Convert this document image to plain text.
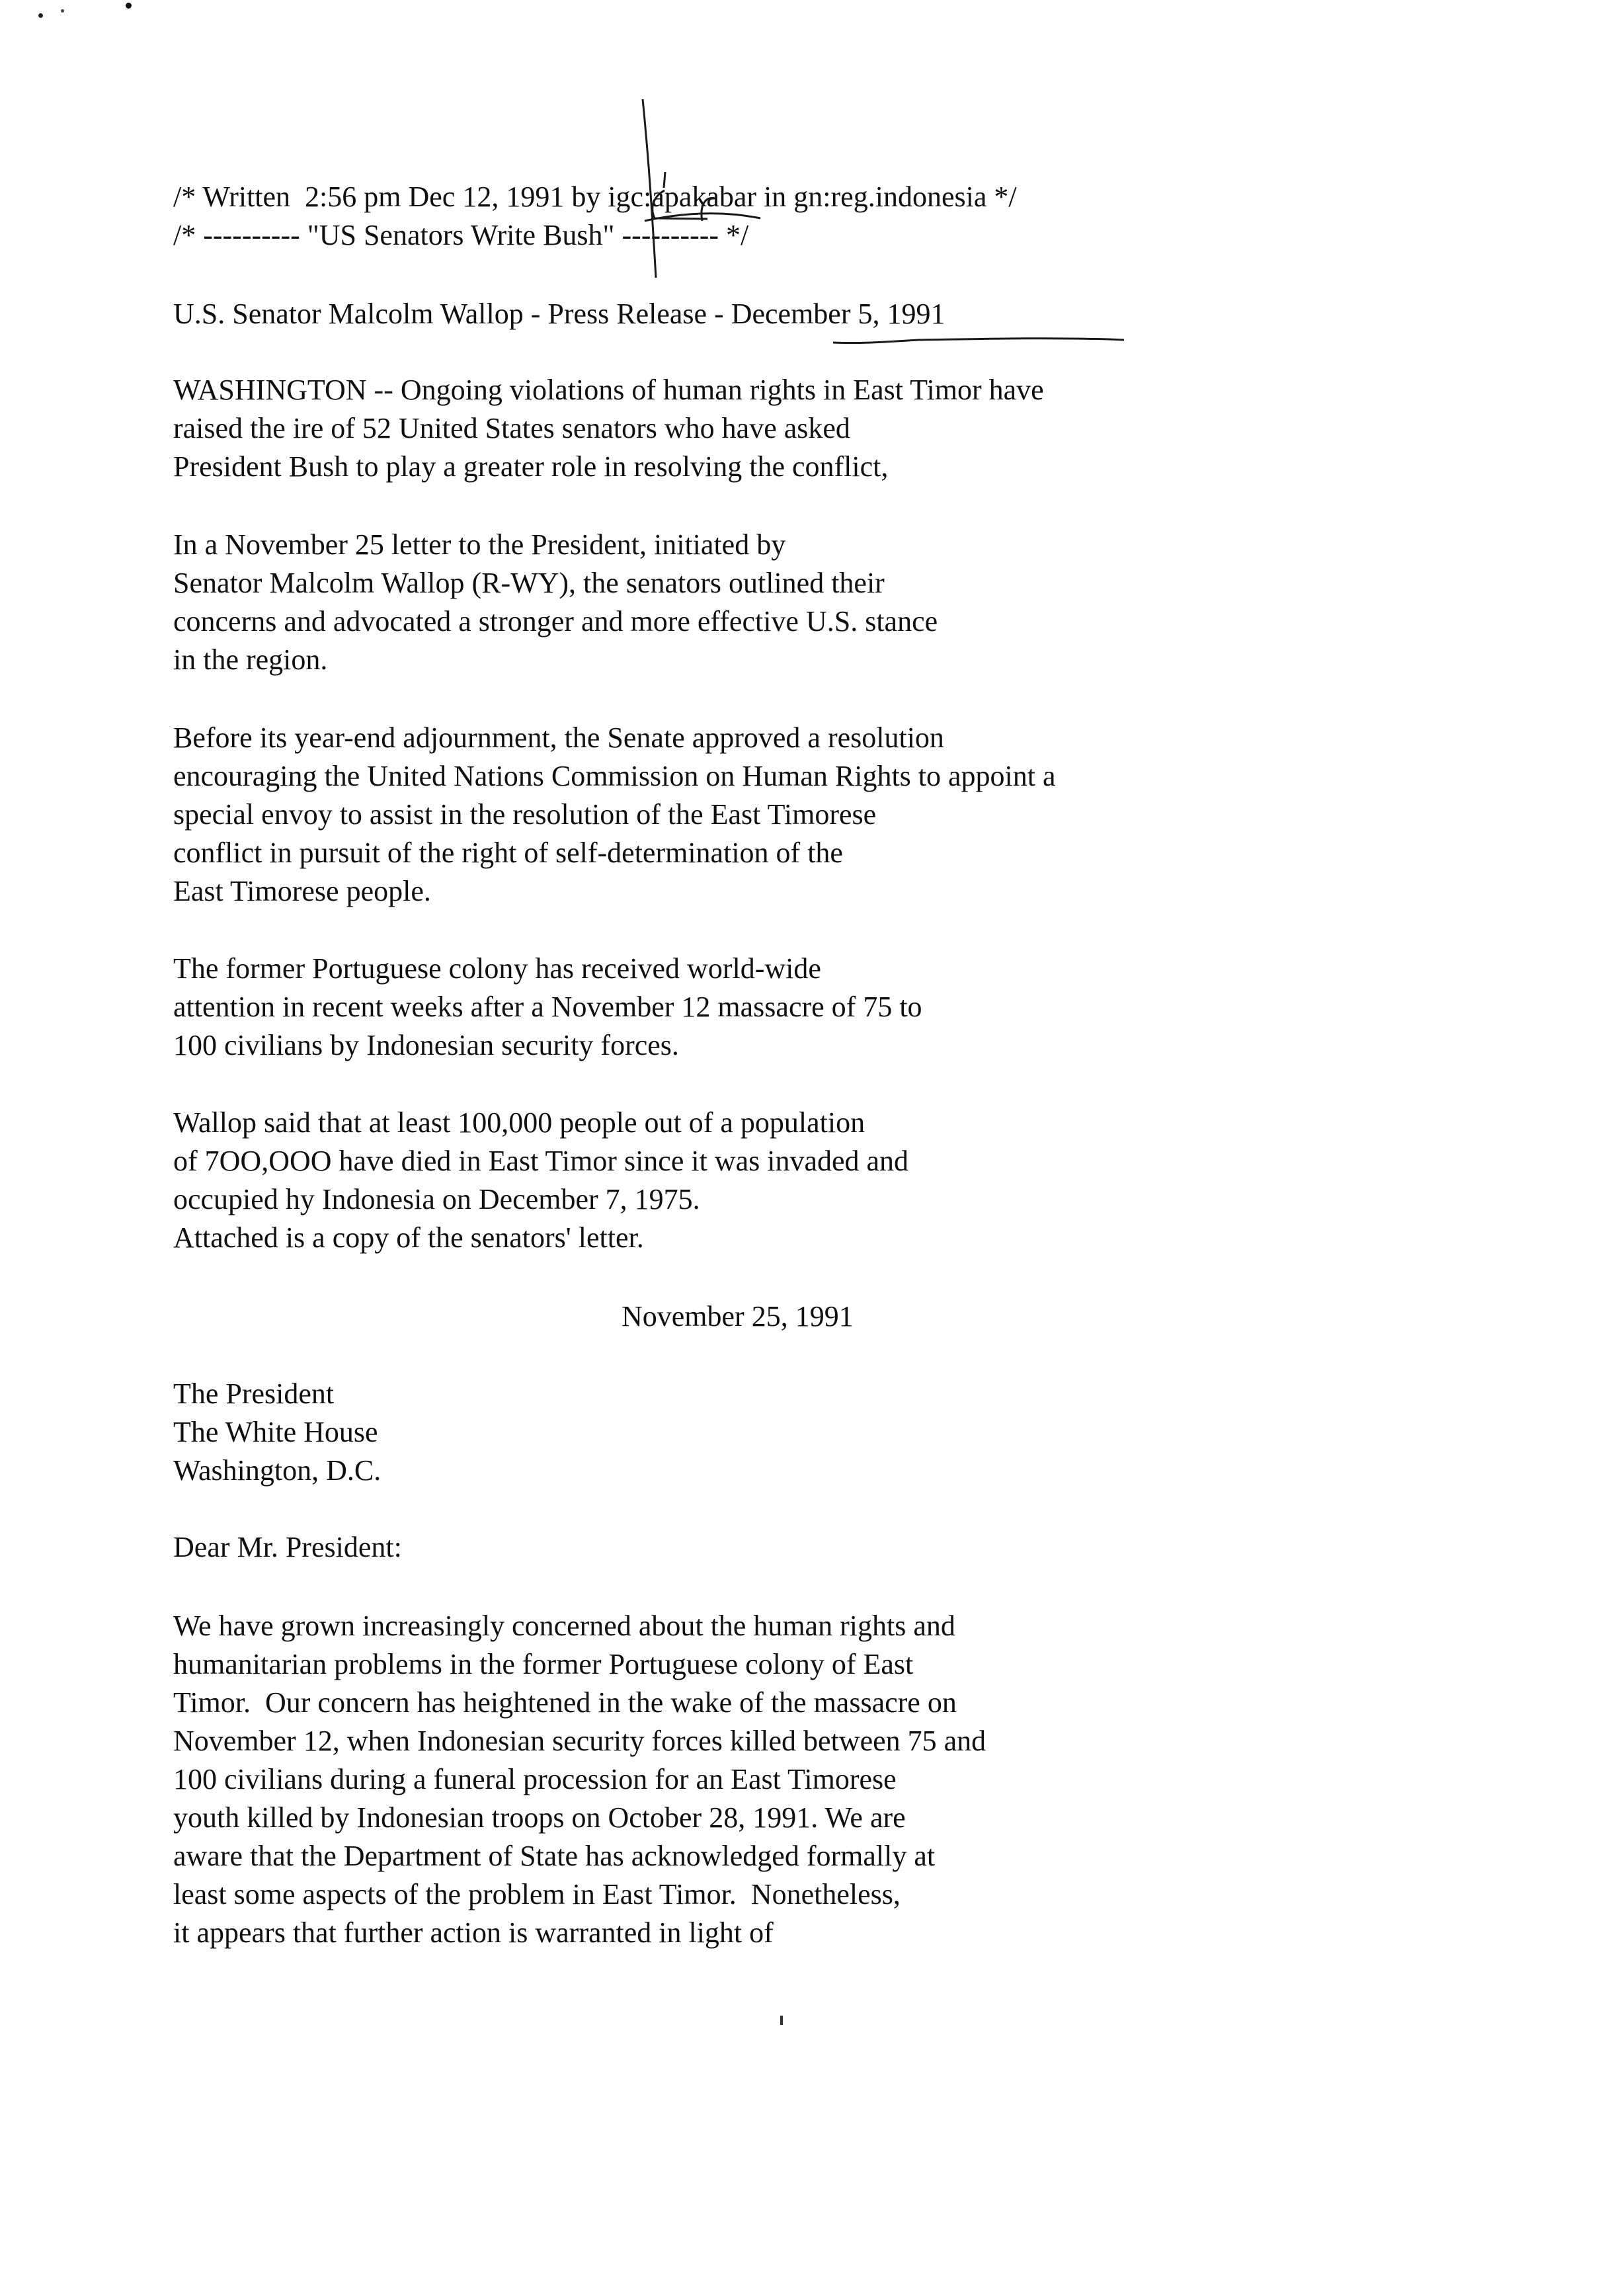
/* Written  2:56 pm Dec 12, 1991 by igc:apakabar in gn:reg.indonesia */
/* ---------- "US Senators Write Bush" ---------- */
U.S. Senator Malcolm Wallop - Press Release - December 5, 1991
WASHINGTON -- Ongoing violations of human rights in East Timor have
raised the ire of 52 United States senators who have asked
President Bush to play a greater role in resolving the conflict,
In a November 25 letter to the President, initiated by
Senator Malcolm Wallop (R-WY), the senators outlined their
concerns and advocated a stronger and more effective U.S. stance
in the region.
Before its year-end adjournment, the Senate approved a resolution
encouraging the United Nations Commission on Human Rights to appoint a
special envoy to assist in the resolution of the East Timorese
conflict in pursuit of the right of self-determination of the
East Timorese people.
The former Portuguese colony has received world-wide
attention in recent weeks after a November 12 massacre of 75 to
100 civilians by Indonesian security forces.
Wallop said that at least 100,000 people out of a population
of 7OO,OOO have died in East Timor since it was invaded and
occupied hy Indonesia on December 7, 1975.
Attached is a copy of the senators' letter.
November 25, 1991
The President
The White House
Washington, D.C.
Dear Mr. President:
We have grown increasingly concerned about the human rights and
humanitarian problems in the former Portuguese colony of East
Timor.  Our concern has heightened in the wake of the massacre on
November 12, when Indonesian security forces killed between 75 and
100 civilians during a funeral procession for an East Timorese
youth killed by Indonesian troops on October 28, 1991. We are
aware that the Department of State has acknowledged formally at
least some aspects of the problem in East Timor.  Nonetheless,
it appears that further action is warranted in light of
